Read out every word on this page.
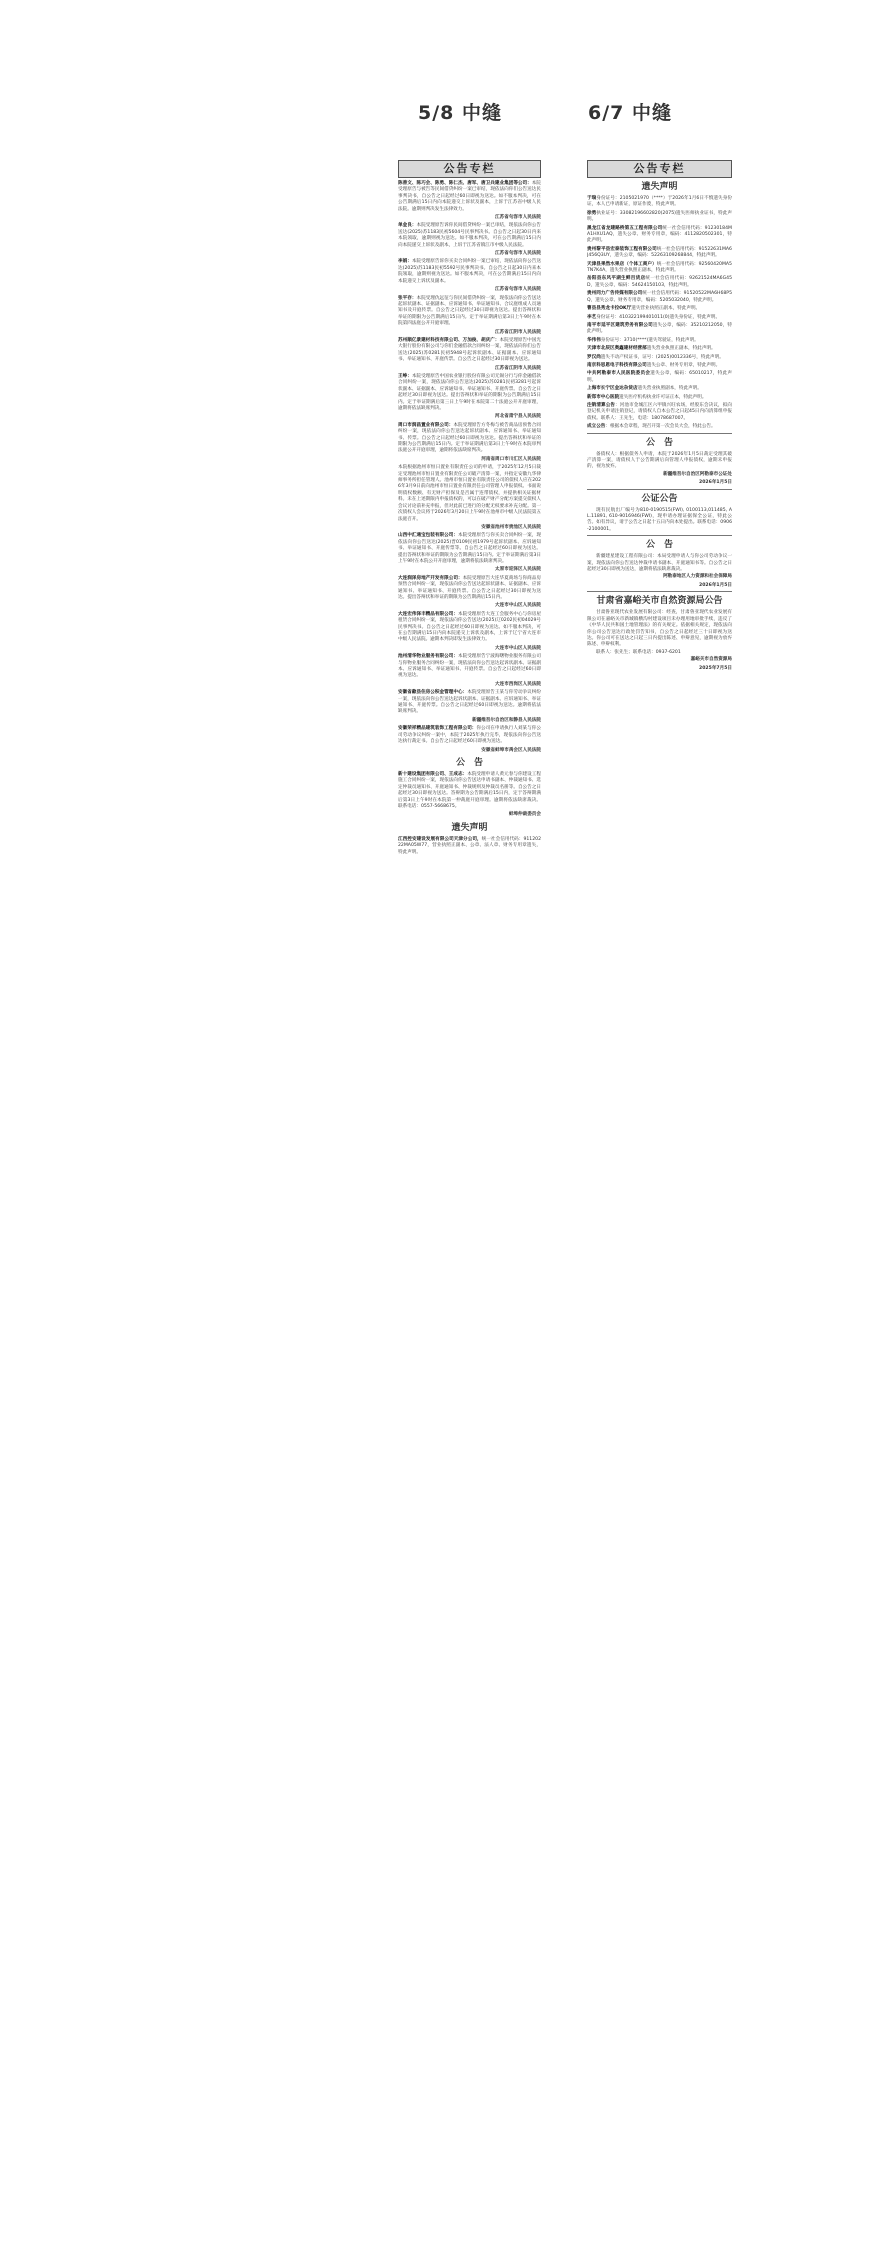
5/8 中缝	6/7 中缝
公告专栏
陈善文、陈巧会、陈勇、陈仁杰、唐军、唐卫兵建业集团等公司：本院受理原告与被告等民间借贷纠纷一案已审结，现依法向你们公告送达民事判决书，自公告之日起经过60日即视为送达。如不服本判决，可在公告期满后15日内向本院递交上诉状及副本，上诉于江苏省中级人民法院。逾期则判决发生法律效力。
江苏省句容市人民法院
单金良：本院受理原告诉你民间借贷纠纷一案已审结，现依法向你公告送达(2025)苏1183民初5604号民事判决书。自公告之日起30日内来本院领取，逾期则视为送达。如不服本判决，可在公告期满后15日内向本院递交上诉状及副本，上诉于江苏省镇江市中级人民法院。
江苏省句容市人民法院
李娟：本院受理原告诉你买卖合同纠纷一案已审结，现依法向你公告送达(2025)苏1183民初5592号民事判决书。自公告之日起30日内来本院领取，逾期则视为送达。如不服本判决，可在公告期满后15日内向本院递交上诉状及副本。
江苏省句容市人民法院
张平存：本院受理仇远征与你民间借贷纠纷一案，现依法向你公告送达起诉状副本、证据副本、应诉通知书、举证通知书、合议庭组成人员通知书及开庭传票。自公告之日起经过30日即视为送达。提出答辩状和举证的期限为公告期满后15日内。定于举证期满后第3日上午9时在本院第四法庭公开开庭审理。
江苏省江阴市人民法院
苏州顺亿景建材科技有限公司、万加俊、胡庆广：本院受理原告中国光大银行股份有限公司与你们金融借款合同纠纷一案，现依法向你们公告送达(2025)苏0281民初5948号起诉状副本、证据副本、应诉通知书、举证通知书、开庭传票。自公告之日起经过30日即视为送达。
江苏省江阴市人民法院
王峥：本院受理原告中国农业银行股份有限公司无锡分行与你金融借款合同纠纷一案，现依法向你公告送达(2025)苏0281民初3281号起诉状副本、证据副本、应诉通知书、举证通知书、开庭传票。自公告之日起经过30日即视为送达。提出答辩状和举证的期限为公告期满后15日内。定于举证期满后第三日上午9时在本院第二十法庭公开开庭审理，逾期将依法缺席判决。
河北省肃宁县人民法院
周口市润昌置业有限公司：本院受理原告方冬梅与被告商品房预售合同纠纷一案，现依法向你公告送达起诉状副本、应诉通知书、举证通知书、传票。自公告之日起经过60日即视为送达。提出答辩状和举证的期限为公告期满后15日内。定于举证期满后第3日上午9时在本院审判法庭公开开庭审理，逾期将依法缺席判决。
河南省周口市川汇区人民法院
本院根据池州市恒日置业有限责任公司的申请，于2025年12月5日裁定受理池州市恒日置业有限责任公司破产清算一案，并指定安徽九华律师事务所担任管理人。池州市恒日置业有限责任公司的债权人应在2026年3月9日前向池州市恒日置业有限责任公司管理人申报债权。书面说明债权数额、有无财产担保及是否属于连带债权，并提供相关证据材料。未在上述期限内申报债权的，可以在破产财产分配方案提交债权人会议讨论前补充申报，但对此前已进行的分配无权要求补充分配。第一次债权人会议将于2026年3月20日上午9时在池州市中级人民法院第五法庭召开。
安徽省池州市贵池区人民法院
山西中汇通宝包装有限公司：本院受理原告与你买卖合同纠纷一案，现依法向你公告送达(2025)晋0109民初1979号起诉状副本、应诉通知书、举证通知书、开庭传票等。自公告之日起经过60日即视为送达。提出答辩状和举证的期限为公告期满后15日内。定于举证期满后第3日上午9时在本院公开开庭审理，逾期将依法缺席判决。
太原市迎泽区人民法院
大连润泽房地产开发有限公司：本院受理原告大连华夏商场与你商品房预售合同纠纷一案，现依法向你公告送达起诉状副本、证据副本、应诉通知书、举证通知书、开庭传票。自公告之日起经过30日即视为送达。提出答辩状和举证的期限为公告期满后15日内。
大连市中山区人民法院
大连宏伟泽丰精品有限公司：本院受理原告大连工会服务中心与你房屋租赁合同纠纷一案，现依法向你公告送达(2025)辽0202民初04029号民事判决书。自公告之日起经过60日即视为送达。如不服本判决，可在公告期满后15日内向本院递交上诉状及副本，上诉于辽宁省大连市中级人民法院。逾期本判决即发生法律效力。
大连市中山区人民法院
池州清华物业服务有限公司：本院受理原告宁波海曙物业服务有限公司与你物业服务合同纠纷一案，现依法向你公告送达起诉状副本、证据副本、应诉通知书、举证通知书、开庭传票。自公告之日起经过60日即视为送达。
大连市西岗区人民法院
安徽省歙县住房公积金管理中心：本院受理原告王某与你劳动争议纠纷一案，现依法向你公告送达起诉状副本、证据副本、应诉通知书、举证通知书、开庭传票。自公告之日起经过60日即视为送达。逾期将依法缺席判决。
新疆维吾尔自治区和静县人民法院
安徽荣祥精品建筑装饰工程有限公司：你公司在申请执行人刘某与你公司劳动争议纠纷一案中，本院于2025年执行完毕，现依法向你公告送达执行裁定书。自公告之日起经过60日即视为送达。
安徽省蚌埠市禹会区人民法院
公　告
新十建设集团有限公司、王成志：本院受理申请人黄元春与你建设工程施工合同纠纷一案，现依法向你公告送达申请书副本、仲裁通知书、选定仲裁员通知书、开庭通知书、仲裁规则及仲裁员名册等。自公告之日起经过30日即视为送达。答辩期为公告期满后15日内，定于答辩期满后第3日上午9时在本院第一仲裁庭开庭审理。逾期将依法缺席裁决。联系电话：0557-5668675。
蚌埠仲裁委员会
遗失声明
江西控安建设发展有限公司天津分公司，统一社会信用代码：91120222MA05W77，营业执照正副本、公章、法人章、财务专用章遗失，特此声明。
公告专栏
遗失声明
于瑞身份证号：2105021970（****）于2026年1月6日不慎遗失身份证，本人已申请新证，原证作废，特此声明。
徐勇执业证号：33082196602820(2075)遗失医师执业证书，特此声明。
黑龙江省龙建路桥第五工程有限公司统一社会信用代码：91230184MA1HXU1AQ，遗失公章、财务专用章，编码：4112820502301，特此声明。
贵州黎平县宏泰装饰工程有限公司统一社会信用代码：91522631MA6J456Q3UY，遗失公章，编码：52263109268844，特此声明。
天津县果然水果店（个体工商户）统一社会信用代码：92560420MA5TN7K4A，遗失营业执照正副本，特此声明。
岳阳县东风平湖生鲜百货店统一社会信用代码：92621524MA6G45D，遗失公章，编码：54624150103，特此声明。
贵州同力广告传媒有限公司统一社会信用代码：91520522MA6H68P5Q，遗失公章、财务专用章，编码：5205032040，特此声明。
曹县县秀龙卡拉OK厅遗失营业执照正副本，特此声明。
李艺身份证号：410322199401011(0)遗失身份证，特此声明。
南平市延平区建筑劳务有限公司遗失公章，编码：35210212050，特此声明。
华伟伟身份证号：3710(****)遗失驾驶证，特此声明。
天津市北辰区奥鑫建材经营部遗失营业执照正副本，特此声明。
罗汉尚遗失不动产权证书，证号：(2025)0012336号，特此声明。
南京科思恩电子科技有限公司遗失公章、财务专用章，特此声明。
中共阿勒泰市人民医院委员会遗失公章，编码：65010217，特此声明。
上海市长宁区金达杂货店遗失营业执照副本，特此声明。
新郑市中心医院遗失医疗机构执业许可证正本，特此声明。
注销清算公告：河池市金城江区六甲镇兴旺农场，经股东会决议，拟向登记机关申请注销登记，请债权人自本公告之日起45日内向清算组申报债权。联系人：王先生，电话：18078687007。
成立公告：根据本会章程，现召开第一次会员大会，特此公告。
公　告
备债权人：根据债务人申请，本院于2026年1月5日裁定受理其破产清算一案，请债权人于公告期满后向管理人申报债权，逾期未申报的，视为放弃。
新疆维吾尔自治区阿勒泰市公证处
2026年1月5日
公证公告
现有民航出厂编号为810-0190515(FWI), 0100113,011485, AL.11891, 610-9016946(FWI)，现申请办理证据保全公证，特此公告。如有异议，请于公告之日起十五日内向本处提出。联系电话：0906-2100001。
公　告
新疆建星建设工程有限公司：本局受理申请人与你公司劳动争议一案，现依法向你公告送达仲裁申请书副本、开庭通知书等。自公告之日起经过30日即视为送达，逾期将依法缺席裁决。
阿勒泰地区人力资源和社会保障局
2026年1月5日
甘肃省嘉峪关市自然资源局公告
甘肃鲁亚现代农业发展有限公司：经查，甘肃鲁亚现代农业发展有限公司在嘉峪关市新城镇横沟村建设项目未办理用地审批手续，违反了《中华人民共和国土地管理法》的有关规定。依据相关规定，现依法向你公司公告送达行政处罚告知书，自公告之日起经过三十日即视为送达。你公司可在送达之日起三日内提出陈述、申辩意见，逾期视为放弃陈述、申辩权利。
联系人：张先生；联系电话：0937-6201
嘉峪关市自然资源局
2025年7月5日
